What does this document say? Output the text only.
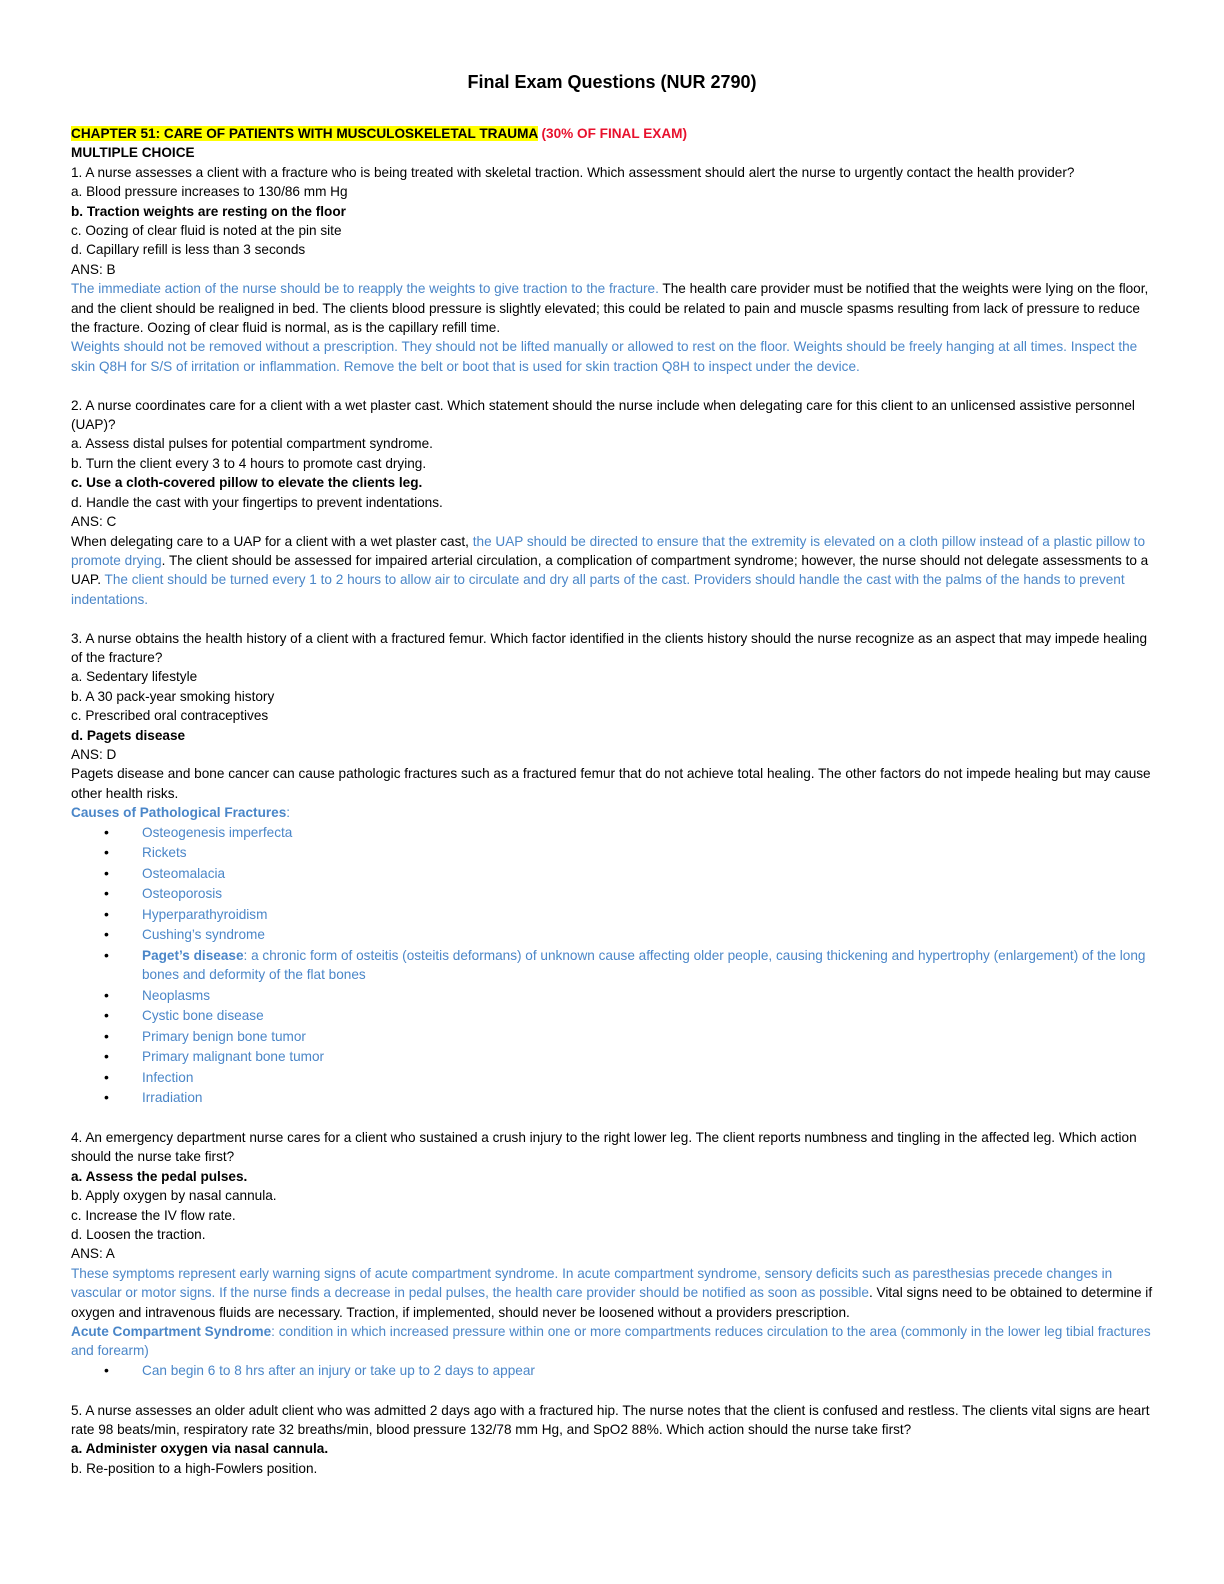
Final Exam Questions (NUR 2790)

CHAPTER 51: CARE OF PATIENTS WITH MUSCULOSKELETAL TRAUMA (30% OF FINAL EXAM)

MULTIPLE CHOICE

1. A nurse assesses a client with a fracture who is being treated with skeletal traction. Which assessment should alert the nurse to urgently contact the health provider?

a. Blood pressure increases to 130/86 mm Hg

b. Traction weights are resting on the floor

c. Oozing of clear fluid is noted at the pin site

d. Capillary refill is less than 3 seconds

ANS: B

The immediate action of the nurse should be to reapply the weights to give traction to the fracture. The health care provider must be notified that the weights were lying on the floor, and the client should be realigned in bed. The clients blood pressure is slightly elevated; this could be related to pain and muscle spasms resulting from lack of pressure to reduce the fracture. Oozing of clear fluid is normal, as is the capillary refill time.

Weights should not be removed without a prescription. They should not be lifted manually or allowed to rest on the floor. Weights should be freely hanging at all times. Inspect the skin Q8H for S/S of irritation or inflammation. Remove the belt or boot that is used for skin traction Q8H to inspect under the device.

2. A nurse coordinates care for a client with a wet plaster cast. Which statement should the nurse include when delegating care for this client to an unlicensed assistive personnel (UAP)?

a. Assess distal pulses for potential compartment syndrome.

b. Turn the client every 3 to 4 hours to promote cast drying.

c. Use a cloth-covered pillow to elevate the clients leg.

d. Handle the cast with your fingertips to prevent indentations.

ANS: C

When delegating care to a UAP for a client with a wet plaster cast, the UAP should be directed to ensure that the extremity is elevated on a cloth pillow instead of a plastic pillow to promote drying. The client should be assessed for impaired arterial circulation, a complication of compartment syndrome; however, the nurse should not delegate assessments to a UAP. The client should be turned every 1 to 2 hours to allow air to circulate and dry all parts of the cast. Providers should handle the cast with the palms of the hands to prevent indentations.

3. A nurse obtains the health history of a client with a fractured femur. Which factor identified in the clients history should the nurse recognize as an aspect that may impede healing of the fracture?

a. Sedentary lifestyle

b. A 30 pack-year smoking history

c. Prescribed oral contraceptives

d. Pagets disease

ANS: D

Pagets disease and bone cancer can cause pathologic fractures such as a fractured femur that do not achieve total healing. The other factors do not impede healing but may cause other health risks.

Causes of Pathological Fractures:

• Osteogenesis imperfecta
• Rickets
• Osteomalacia
• Osteoporosis
• Hyperparathyroidism
• Cushing’s syndrome
• Paget’s disease: a chronic form of osteitis (osteitis deformans) of unknown cause affecting older people, causing thickening and hypertrophy (enlargement) of the long bones and deformity of the flat bones
• Neoplasms
• Cystic bone disease
• Primary benign bone tumor
• Primary malignant bone tumor
• Infection
• Irradiation

4. An emergency department nurse cares for a client who sustained a crush injury to the right lower leg. The client reports numbness and tingling in the affected leg. Which action should the nurse take first?

a. Assess the pedal pulses.

b. Apply oxygen by nasal cannula.

c. Increase the IV flow rate.

d. Loosen the traction.

ANS: A

These symptoms represent early warning signs of acute compartment syndrome. In acute compartment syndrome, sensory deficits such as paresthesias precede changes in vascular or motor signs. If the nurse finds a decrease in pedal pulses, the health care provider should be notified as soon as possible. Vital signs need to be obtained to determine if oxygen and intravenous fluids are necessary. Traction, if implemented, should never be loosened without a providers prescription.

Acute Compartment Syndrome: condition in which increased pressure within one or more compartments reduces circulation to the area (commonly in the lower leg tibial fractures and forearm)

• Can begin 6 to 8 hrs after an injury or take up to 2 days to appear

5. A nurse assesses an older adult client who was admitted 2 days ago with a fractured hip. The nurse notes that the client is confused and restless. The clients vital signs are heart rate 98 beats/min, respiratory rate 32 breaths/min, blood pressure 132/78 mm Hg, and SpO2 88%. Which action should the nurse take first?

a. Administer oxygen via nasal cannula.

b. Re-position to a high-Fowlers position.
